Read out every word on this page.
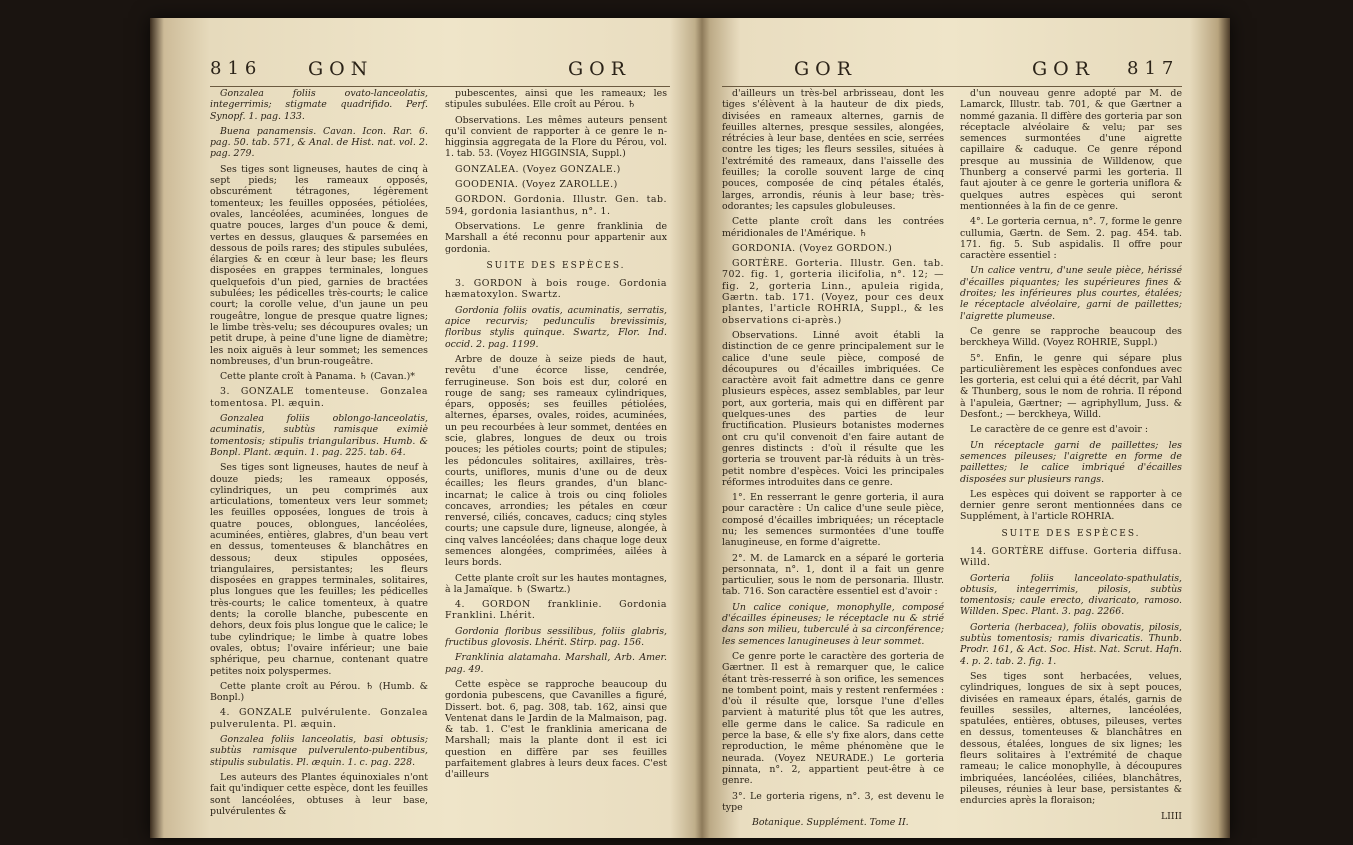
816 GON	GOR

Gonzalea foliis ovato-lanceolatis, integerrimis; stigmate quadrifido. Perf. Synopf. 1. pag. 133.

Buena panamensis. Cavan. Icon. Rar. 6. pag. 50. tab. 571, & Anal. de Hist. nat. vol. 2. pag. 279.

Ses tiges sont ligneuses, hautes de cinq à sept pieds; les rameaux opposés, obscurément tétragones, légèrement tomenteux; les feuilles opposées, pétiolées, ovales, lancéolées, acuminées, longues de quatre pouces, larges d'un pouce & demi, vertes en dessus, glauques & parsemées en dessous de poils rares; des stipules subulées, élargies & en cœur à leur base; les fleurs disposées en grappes terminales, longues quelquefois d'un pied, garnies de bractées subulées; les pédicelles très-courts; le calice court; la corolle velue, d'un jaune un peu rougeâtre, longue de presque quatre lignes; le limbe très-velu; ses découpures ovales; un petit drupe, à peine d'une ligne de diamètre; les noix aiguës à leur sommet; les semences nombreuses, d'un brun-rougeâtre.

Cette plante croît à Panama. ♄ (Cavan.)*

3. GONZALE tomenteuse. Gonzalea tomentosa. Pl. æquin.

Gonzalea foliis oblongo-lanceolatis, acuminatis, subtùs ramisque eximiè tomentosis; stipulis triangularibus. Humb. & Bonpl. Plant. æquin. 1. pag. 225. tab. 64.

Ses tiges sont ligneuses, hautes de neuf à douze pieds; les rameaux opposés, cylindriques, un peu comprimés aux articulations, tomenteux vers leur sommet; les feuilles opposées, longues de trois à quatre pouces, oblongues, lancéolées, acuminées, entières, glabres, d'un beau vert en dessus, tomenteuses & blanchâtres en dessous; deux stipules opposées, triangulaires, persistantes; les fleurs disposées en grappes terminales, solitaires, plus longues que les feuilles; les pédicelles très-courts; le calice tomenteux, à quatre dents; la corolle blanche, pubescente en dehors, deux fois plus longue que le calice; le tube cylindrique; le limbe à quatre lobes ovales, obtus; l'ovaire inférieur; une baie sphérique, peu charnue, contenant quatre petites noix polyspermes.

Cette plante croît au Pérou. ♄ (Humb. & Bonpl.)

4. GONZALE pulvérulente. Gonzalea pulverulenta. Pl. æquin.

Gonzalea foliis lanceolatis, basi obtusis; subtùs ramisque pulverulento-pubentibus, stipulis subulatis. Pl. æquin. 1. c. pag. 228.

Les auteurs des Plantes équinoxiales n'ont fait qu'indiquer cette espèce, dont les feuilles sont lancéolées, obtuses à leur base, pulvérulentes &

pubescentes, ainsi que les rameaux; les stipules subulées. Elle croît au Pérou. ♄

Observations. Les mêmes auteurs pensent qu'il convient de rapporter à ce genre le n-higginsia aggregata de la Flore du Pérou, vol. 1. tab. 53. (Voyez HIGGINSIA, Suppl.)

GONZALEA. (Voyez GONZALE.)

GOODENIA. (Voyez ZAROLLE.)

GORDON. Gordonia. Illustr. Gen. tab. 594, gordonia lasianthus, n°. 1.

Observations. Le genre franklinia de Marshall a été reconnu pour appartenir aux gordonia.

SUITE DES ESPÈCES.

3. GORDON à bois rouge. Gordonia hæmatoxylon. Swartz.

Gordonia foliis ovatis, acuminatis, serratis, apice recurvis; pedunculis brevissimis, floribus stylis quinque. Swartz, Flor. Ind. occid. 2. pag. 1199.

Arbre de douze à seize pieds de haut, revêtu d'une écorce lisse, cendrée, ferrugineuse. Son bois est dur, coloré en rouge de sang; ses rameaux cylindriques, épars, opposés; ses feuilles pétiolées, alternes, éparses, ovales, roides, acuminées, un peu recourbées à leur sommet, dentées en scie, glabres, longues de deux ou trois pouces; les pétioles courts; point de stipules; les pédoncules solitaires, axillaires, très-courts, uniflores, munis d'une ou de deux écailles; les fleurs grandes, d'un blanc-incarnat; le calice à trois ou cinq folioles concaves, arrondies; les pétales en cœur renversé, ciliés, concaves, caducs; cinq styles courts; une capsule dure, ligneuse, alongée, à cinq valves lancéolées; dans chaque loge deux semences alongées, comprimées, ailées à leurs bords.

Cette plante croît sur les hautes montagnes, à la Jamaïque. ♄ (Swartz.)

4. GORDON franklinie. Gordonia Franklini. Lhérit.

Gordonia floribus sessilibus, foliis glabris, fructibus glovosis. Lhérit. Stirp. pag. 156.

Franklinia alatamaha. Marshall, Arb. Amer. pag. 49.

Cette espèce se rapproche beaucoup du gordonia pubescens, que Cavanilles a figuré, Dissert. bot. 6, pag. 308, tab. 162, ainsi que Ventenat dans le Jardin de la Malmaison, pag. & tab. 1. C'est le franklinia americana de Marshall; mais la plante dont il est ici question en diffère par ses feuilles parfaitement glabres à leurs deux faces. C'est d'ailleurs

GOR	GOR 817

d'ailleurs un très-bel arbrisseau, dont les tiges s'élèvent à la hauteur de dix pieds, divisées en rameaux alternes, garnis de feuilles alternes, presque sessiles, alongées, rétrécies à leur base, dentées en scie, serrées contre les tiges; les fleurs sessiles, situées à l'extrémité des rameaux, dans l'aisselle des feuilles; la corolle souvent large de cinq pouces, composée de cinq pétales étalés, larges, arrondis, réunis à leur base; très-odorantes; les capsules globuleuses.

Cette plante croît dans les contrées méridionales de l'Amérique. ♄

GORDONIA. (Voyez GORDON.)

GORTÈRE. Gorteria. Illustr. Gen. tab. 702. fig. 1, gorteria ilicifolia, n°. 12; — fig. 2, gorteria Linn., apuleia rigida, Gærtn. tab. 171. (Voyez, pour ces deux plantes, l'article ROHRIA, Suppl., & les observations ci-après.)

Observations. Linné avoit établi la distinction de ce genre principalement sur le calice d'une seule pièce, composé de découpures ou d'écailles imbriquées. Ce caractère avoit fait admettre dans ce genre plusieurs espèces, assez semblables, par leur port, aux gorteria, mais qui en diffèrent par quelques-unes des parties de leur fructification. Plusieurs botanistes modernes ont cru qu'il convenoit d'en faire autant de genres distincts : d'où il résulte que les gorteria se trouvent par-là réduits à un très-petit nombre d'espèces. Voici les principales réformes introduites dans ce genre.

1°. En resserrant le genre gorteria, il aura pour caractère : Un calice d'une seule pièce, composé d'écailles imbriquées; un réceptacle nu; les semences surmontées d'une touffe lanugineuse, en forme d'aigrette.

2°. M. de Lamarck en a séparé le gorteria personnata, n°. 1, dont il a fait un genre particulier, sous le nom de personaria. Illustr. tab. 716. Son caractère essentiel est d'avoir :

Un calice conique, monophylle, composé d'écailles épineuses; le réceptacle nu & strié dans son milieu, tuberculé à sa circonférence; les semences lanugineuses à leur sommet.

Ce genre porte le caractère des gorteria de Gærtner. Il est à remarquer que, le calice étant très-resserré à son orifice, les semences ne tombent point, mais y restent renfermées : d'où il résulte que, lorsque l'une d'elles parvient à maturité plus tôt que les autres, elle germe dans le calice. Sa radicule en perce la base, & elle s'y fixe alors, dans cette reproduction, le même phénomène que le neurada. (Voyez NEURADE.) Le gorteria pinnata, n°. 2, appartient peut-être à ce genre.

3°. Le gorteria rigens, n°. 3, est devenu le type

Botanique. Supplément. Tome II.

d'un nouveau genre adopté par M. de Lamarck, Illustr. tab. 701, & que Gærtner a nommé gazania. Il diffère des gorteria par son réceptacle alvéolaire & velu; par ses semences surmontées d'une aigrette capillaire & caduque. Ce genre répond presque au mussinia de Willdenow, que Thunberg a conservé parmi les gorteria. Il faut ajouter à ce genre le gorteria uniflora & quelques autres espèces qui seront mentionnées à la fin de ce genre.

4°. Le gorteria cernua, n°. 7, forme le genre cullumia, Gærtn. de Sem. 2. pag. 454. tab. 171. fig. 5. Sub aspidalis. Il offre pour caractère essentiel :

Un calice ventru, d'une seule pièce, hérissé d'écailles piquantes; les supérieures fines & droites; les inférieures plus courtes, étalées; le réceptacle alvéolaire, garni de paillettes; l'aigrette plumeuse.

Ce genre se rapproche beaucoup des berckheya Willd. (Voyez ROHRIE, Suppl.)

5°. Enfin, le genre qui sépare plus particulièrement les espèces confondues avec les gorteria, est celui qui a été décrit, par Vahl & Thunberg, sous le nom de rohria. Il répond à l'apuleia, Gærtner; — agriphyllum, Juss. & Desfont.; — berckheya, Willd.

Le caractère de ce genre est d'avoir :

Un réceptacle garni de paillettes; les semences pileuses; l'aigrette en forme de paillettes; le calice imbriqué d'écailles disposées sur plusieurs rangs.

Les espèces qui doivent se rapporter à ce dernier genre seront mentionnées dans ce Supplément, à l'article ROHRIA.

SUITE DES ESPÈCES.

14. GORTÈRE diffuse. Gorteria diffusa. Willd.

Gorteria foliis lanceolato-spathulatis, obtusis, integerrimis, pilosis, subtùs tomentosis; caule erecto, divaricato, ramoso. Willden. Spec. Plant. 3. pag. 2266.

Gorteria (herbacea), foliis obovatis, pilosis, subtùs tomentosis; ramis divaricatis. Thunb. Prodr. 161, & Act. Soc. Hist. Nat. Scrut. Hafn. 4. p. 2. tab. 2. fig. 1.

Ses tiges sont herbacées, velues, cylindriques, longues de six à sept pouces, divisées en rameaux épars, étalés, garnis de feuilles sessiles, alternes, lancéolées, spatulées, entières, obtuses, pileuses, vertes en dessus, tomenteuses & blanchâtres en dessous, étalées, longues de six lignes; les fleurs solitaires à l'extrémité de chaque rameau; le calice monophylle, à découpures imbriquées, lancéolées, ciliées, blanchâtres, pileuses, réunies à leur base, persistantes & endurcies après la floraison;

LIIII
